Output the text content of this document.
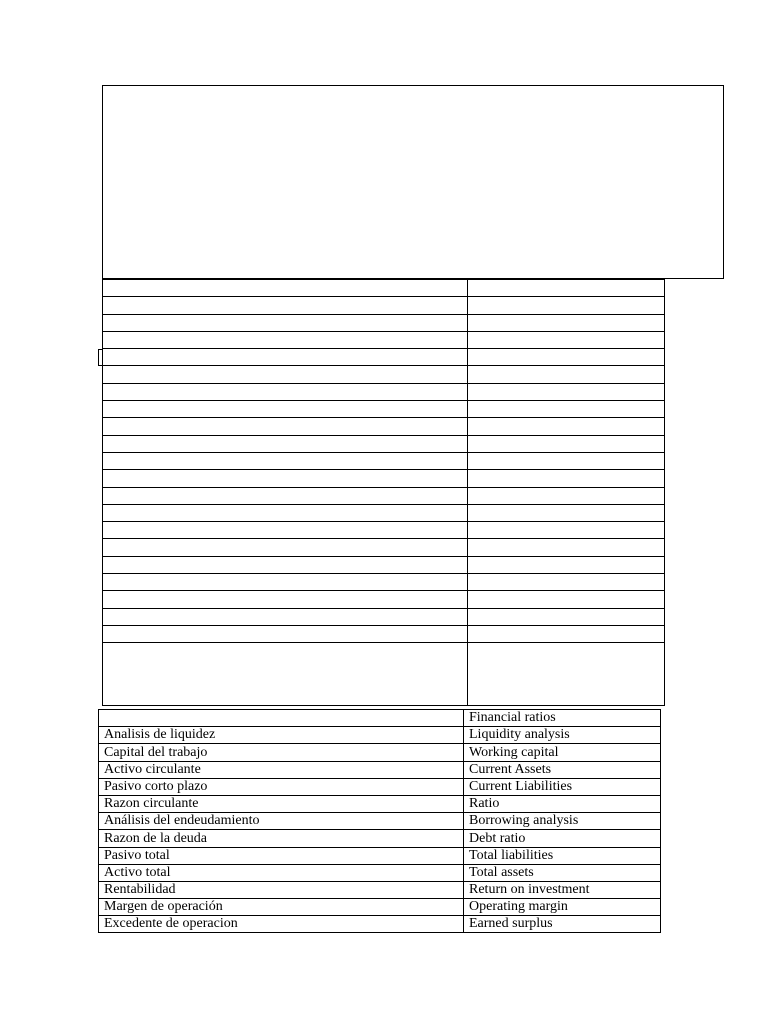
	Financial ratios
Analisis de liquidez	Liquidity analysis
Capital del trabajo	Working capital
Activo circulante	Current Assets
Pasivo corto plazo	Current Liabilities
Razon circulante	Ratio
Análisis del endeudamiento	Borrowing analysis
Razon de la deuda	Debt ratio
Pasivo total	Total liabilities
Activo total	Total assets
Rentabilidad	Return on investment
Margen de operación	Operating margin
Excedente de operacion	Earned surplus
